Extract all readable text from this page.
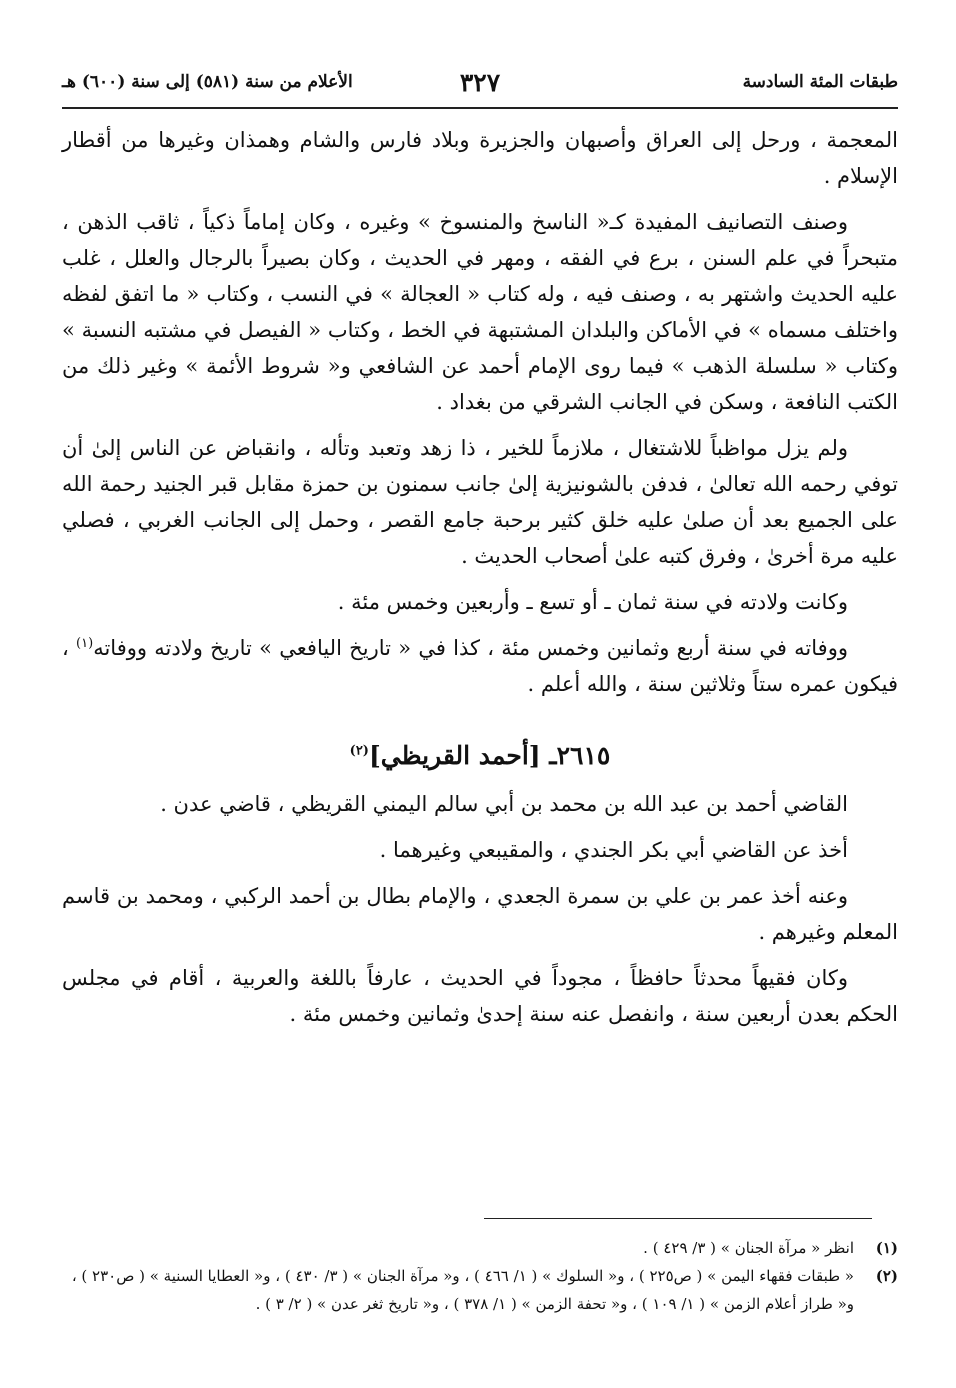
طبقات المئة السادسة
٣٢٧
الأعلام من سنة (٥٨١) إلى سنة (٦٠٠) هـ

المعجمة ، ورحل إلى العراق وأصبهان والجزيرة وبلاد فارس والشام وهمذان وغيرها من أقطار الإسلام .

وصنف التصانيف المفيدة كـ« الناسخ والمنسوخ » وغيره ، وكان إماماً ذكياً ، ثاقب الذهن ، متبحراً في علم السنن ، برع في الفقه ، ومهر في الحديث ، وكان بصيراً بالرجال والعلل ، غلب عليه الحديث واشتهر به ، وصنف فيه ، وله كتاب « العجالة » في النسب ، وكتاب « ما اتفق لفظه واختلف مسماه » في الأماكن والبلدان المشتبهة في الخط ، وكتاب « الفيصل في مشتبه النسبة » وكتاب « سلسلة الذهب » فيما روى الإمام أحمد عن الشافعي و« شروط الأئمة » وغير ذلك من الكتب النافعة ، وسكن في الجانب الشرقي من بغداد .

ولم يزل مواظباً للاشتغال ، ملازماً للخير ، ذا زهد وتعبد وتأله ، وانقباض عن الناس إلىٰ أن توفي رحمه الله تعالىٰ ، فدفن بالشونيزية إلىٰ جانب سمنون بن حمزة مقابل قبر الجنيد رحمة الله على الجميع بعد أن صلىٰ عليه خلق كثير برحبة جامع القصر ، وحمل إلى الجانب الغربي ، فصلي عليه مرة أخرىٰ ، وفرق كتبه علىٰ أصحاب الحديث .

وكانت ولادته في سنة ثمان ـ أو تسع ـ وأربعين وخمس مئة .

ووفاته في سنة أربع وثمانين وخمس مئة ، كذا في « تاريخ اليافعي » تاريخ ولادته ووفاته$^{(١)}$ ، فيكون عمره ستاً وثلاثين سنة ، والله أعلم .

٢٦١٥ـ [أحمد القريظي]$^{(٢)}$

القاضي أحمد بن عبد الله بن محمد بن أبي سالم اليمني القريظي ، قاضي عدن .

أخذ عن القاضي أبي بكر الجندي ، والمقيبعي وغيرهما .

وعنه أخذ عمر بن علي بن سمرة الجعدي ، والإمام بطال بن أحمد الركبي ، ومحمد بن قاسم المعلم وغيرهم .

وكان فقيهاً محدثاً حافظاً ، مجوداً في الحديث ، عارفاً باللغة والعربية ، أقام في مجلس الحكم بعدن أربعين سنة ، وانفصل عنه سنة إحدىٰ وثمانين وخمس مئة .

(١)
انظر « مرآة الجنان » ( ٣/ ٤٢٩ ) .
(٢)
« طبقات فقهاء اليمن » ( ص٢٢٥ ) ، و« السلوك » ( ١/ ٤٦٦ ) ، و« مرآة الجنان » ( ٣/ ٤٣٠ ) ، و« العطايا السنية » ( ص٢٣٠ ) ، و« طراز أعلام الزمن » ( ١/ ١٠٩ ) ، و« تحفة الزمن » ( ١/ ٣٧٨ ) ، و« تاريخ ثغر عدن » ( ٢/ ٣ ) .
